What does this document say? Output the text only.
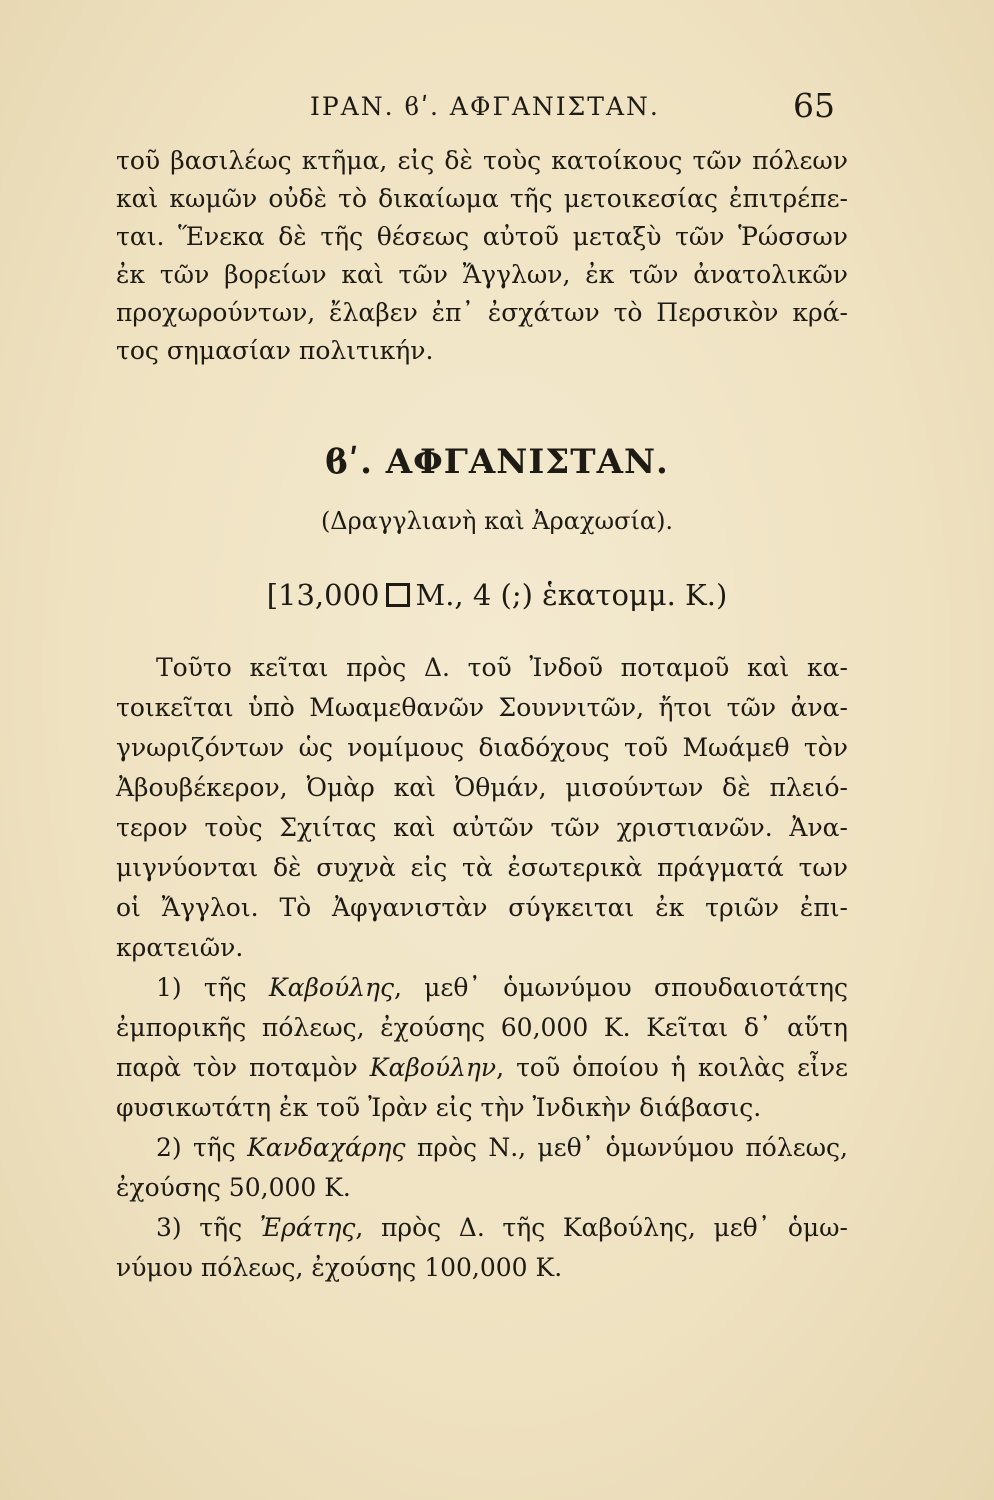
ΙΡΑΝ. ϐʹ. ΑΦΓΑΝΙΣΤΑΝ.	65
τοῦ βασιλέως κτῆμα, εἰς δὲ τοὺς κατοίκους τῶν πόλεων
καὶ κωμῶν οὐδὲ τὸ δικαίωμα τῆς μετοικεσίας ἐπιτρέπε-
ται. Ἕνεκα δὲ τῆς θέσεως αὐτοῦ μεταξὺ τῶν Ῥώσσων
ἐκ τῶν βορείων καὶ τῶν Ἄγγλων, ἐκ τῶν ἀνατολικῶν
προχωρούντων, ἔλαβεν ἐπ᾽ ἐσχάτων τὸ Περσικὸν κρά-
τος σημασίαν πολιτικήν.
ϐʹ. ΑΦΓΑΝΙΣΤΑΝ.
(Δραγγλιανὴ καὶ Ἀραχωσία).
[13,000 Μ., 4 (;) ἑκατομμ. Κ.)
Τοῦτο κεῖται πρὸς Δ. τοῦ Ἰνδοῦ ποταμοῦ καὶ κα-
τοικεῖται ὑπὸ Μωαμεθανῶν Σουννιτῶν, ἤτοι τῶν ἀνα-
γνωριζόντων ὡς νομίμους διαδόχους τοῦ Μωάμεθ τὸν
Ἀβουβέκερον, Ὀμὰρ καὶ Ὀθμάν, μισούντων δὲ πλειό-
τερον τοὺς Σχιίτας καὶ αὐτῶν τῶν χριστιανῶν. Ἀνα-
μιγνύονται δὲ συχνὰ εἰς τὰ ἐσωτερικὰ πράγματά των
οἱ Ἄγγλοι. Τὸ Ἀφγανιστὰν σύγκειται ἐκ τριῶν ἐπι-
κρατειῶν.
1) τῆς Καβούλης, μεθ᾽ ὁμωνύμου σπουδαιοτάτης
ἐμπορικῆς πόλεως, ἐχούσης 60,000 Κ. Κεῖται δ᾽ αὕτη
παρὰ τὸν ποταμὸν Καβούλην, τοῦ ὁποίου ἡ κοιλὰς εἶνε
φυσικωτάτη ἐκ τοῦ Ἰρὰν εἰς τὴν Ἰνδικὴν διάβασις.
2) τῆς Κανδαχάρης πρὸς Ν., μεθ᾽ ὁμωνύμου πόλεως,
ἐχούσης 50,000 Κ.
3) τῆς Ἐράτης, πρὸς Δ. τῆς Καβούλης, μεθ᾽ ὁμω-
νύμου πόλεως, ἐχούσης 100,000 Κ.
